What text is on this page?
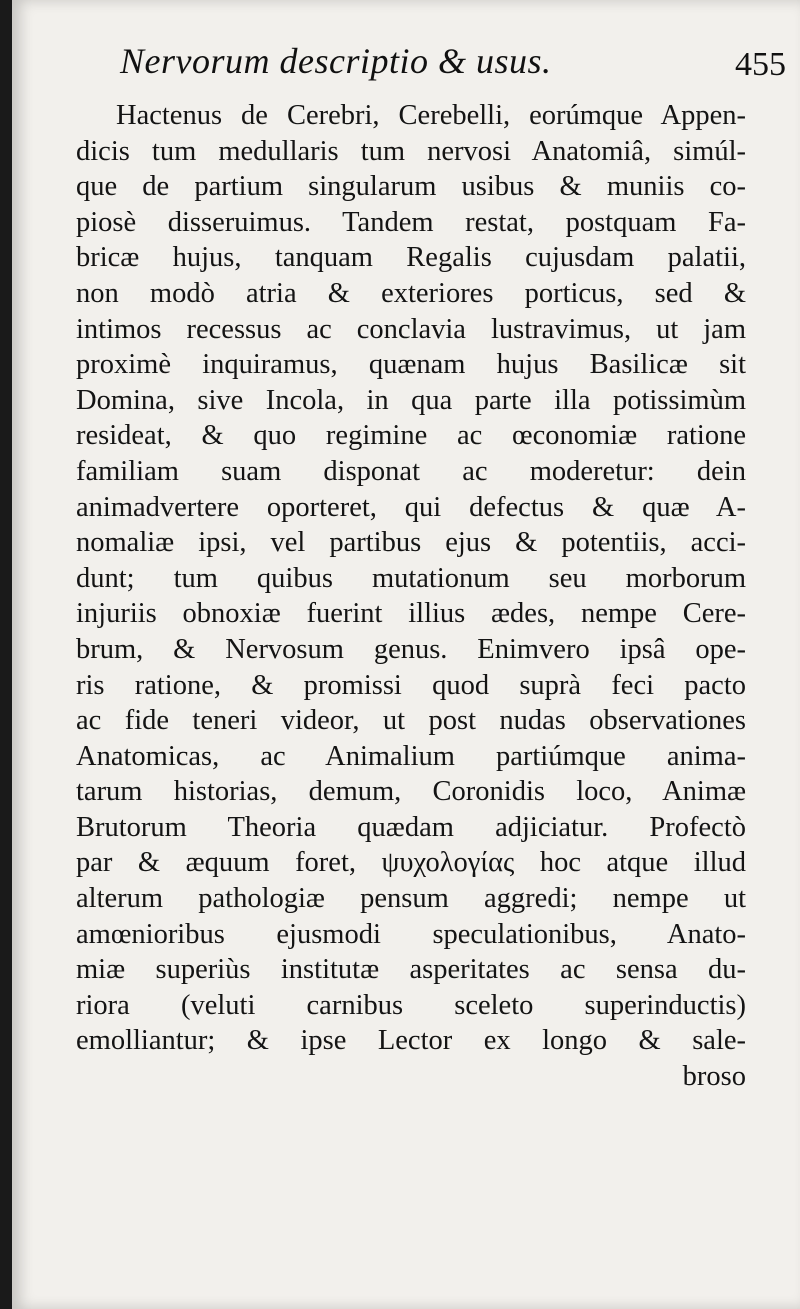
Nervorum descriptio & usus.	455
Hactenus de Cerebri, Cerebelli, eorúmque Appen-
dicis tum medullaris tum nervosi Anatomiâ, simúl-
que de partium singularum usibus & muniis co-
piosè disseruimus. Tandem restat, postquam Fa-
bricæ hujus, tanquam Regalis cujusdam palatii,
non modò atria & exteriores porticus, sed &
intimos recessus ac conclavia lustravimus, ut jam
proximè inquiramus, quænam hujus Basilicæ sit
Domina, sive Incola, in qua parte illa potissimùm
resideat, & quo regimine ac œconomiæ ratione
familiam suam disponat ac moderetur: dein
animadvertere oporteret, qui defectus & quæ A-
nomaliæ ipsi, vel partibus ejus & potentiis, acci-
dunt; tum quibus mutationum seu morborum
injuriis obnoxiæ fuerint illius ædes, nempe Cere-
brum, & Nervosum genus. Enimvero ipsâ ope-
ris ratione, & promissi quod suprà feci pacto
ac fide teneri videor, ut post nudas observationes
Anatomicas, ac Animalium partiúmque anima-
tarum historias, demum, Coronidis loco, Animæ
Brutorum Theoria quædam adjiciatur. Profectò
par & æquum foret, ψυχολογίας hoc atque illud
alterum pathologiæ pensum aggredi; nempe ut
amœnioribus ejusmodi speculationibus, Anato-
miæ superiùs institutæ asperitates ac sensa du-
riora (veluti carnibus sceleto superinductis)
emolliantur; & ipse Lector ex longo & sale-
broso
